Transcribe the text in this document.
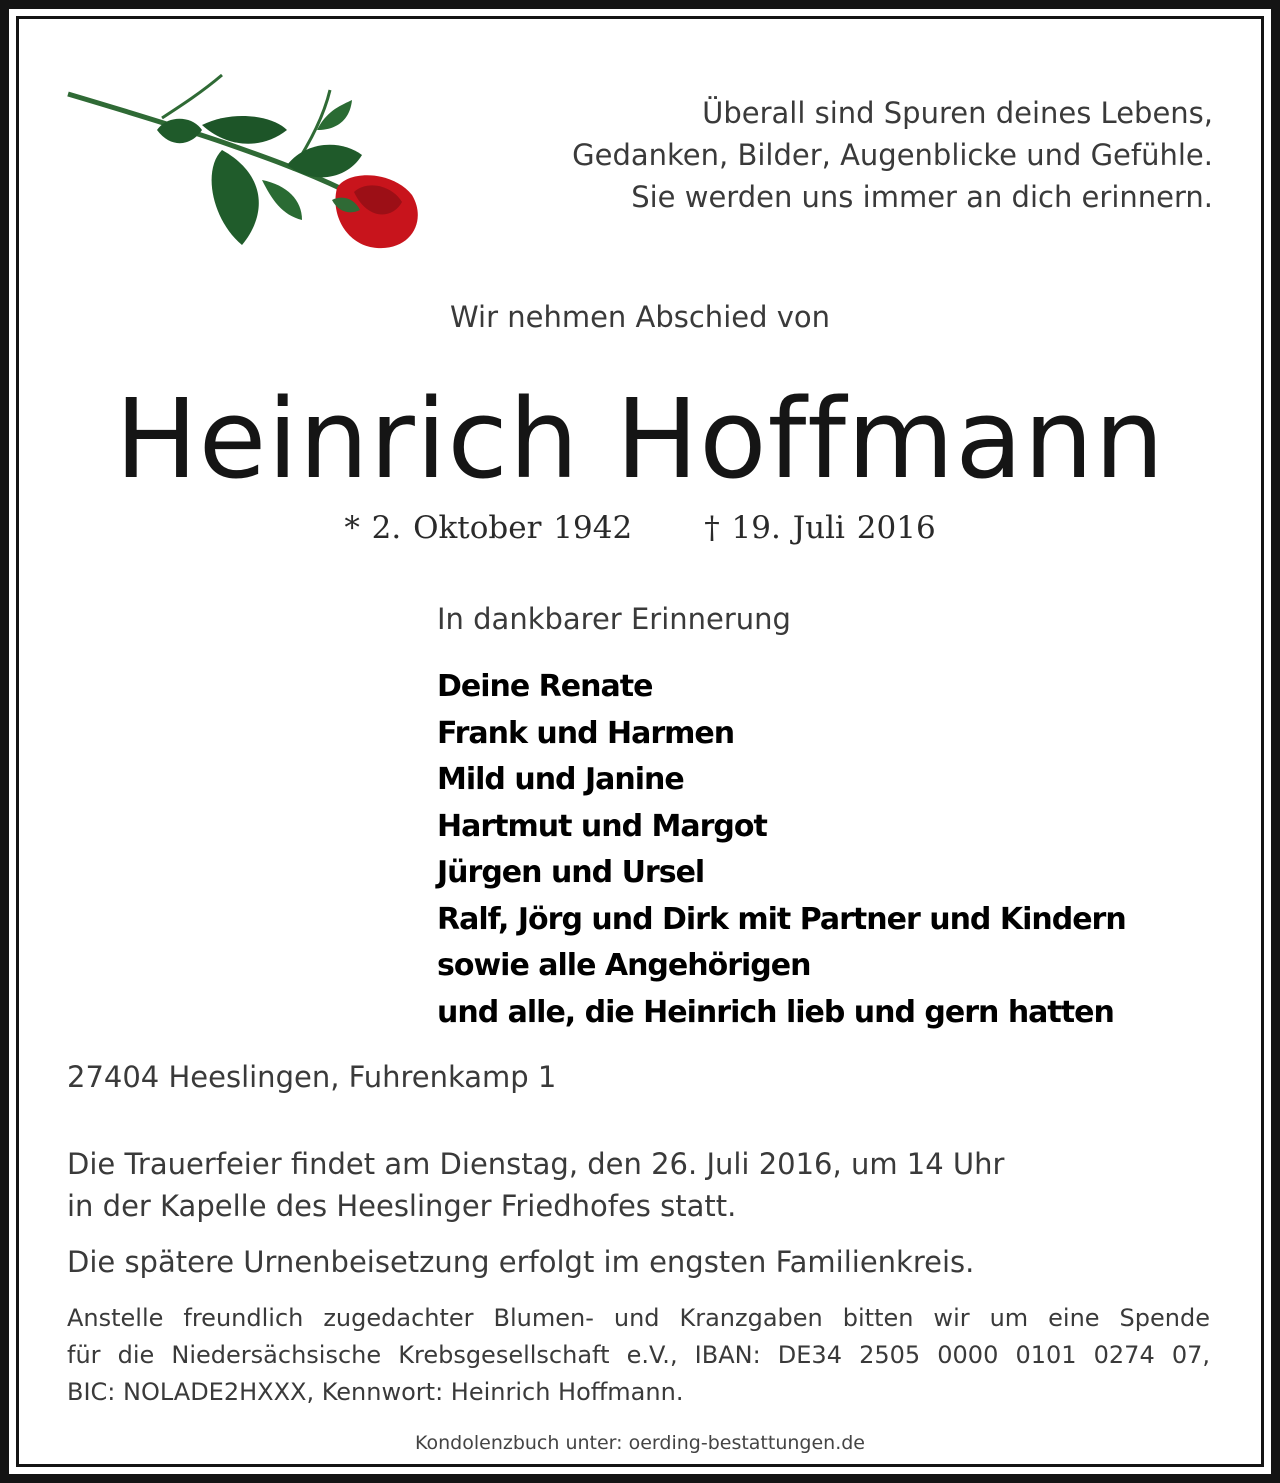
Überall sind Spuren deines Lebens,
Gedanken, Bilder, Augenblicke und Gefühle.
Sie werden uns immer an dich erinnern.
Wir nehmen Abschied von
Heinrich Hoffmann
* 2. Oktober 1942 † 19. Juli 2016
In dankbarer Erinnerung
Deine Renate
Frank und Harmen
Mild und Janine
Hartmut und Margot
Jürgen und Ursel
Ralf, Jörg und Dirk mit Partner und Kindern
sowie alle Angehörigen
und alle, die Heinrich lieb und gern hatten
27404 Heeslingen, Fuhrenkamp 1
Die Trauerfeier findet am Dienstag, den 26. Juli 2016, um 14 Uhr
in der Kapelle des Heeslinger Friedhofes statt.
Die spätere Urnenbeisetzung erfolgt im engsten Familienkreis.
Anstelle freundlich zugedachter Blumen- und Kranzgaben bitten wir um eine Spende
für die Niedersächsische Krebsgesellschaft e.V., IBAN: DE34 2505 0000 0101 0274 07,
BIC: NOLADE2HXXX, Kennwort: Heinrich Hoffmann.
Kondolenzbuch unter: oerding-bestattungen.de
